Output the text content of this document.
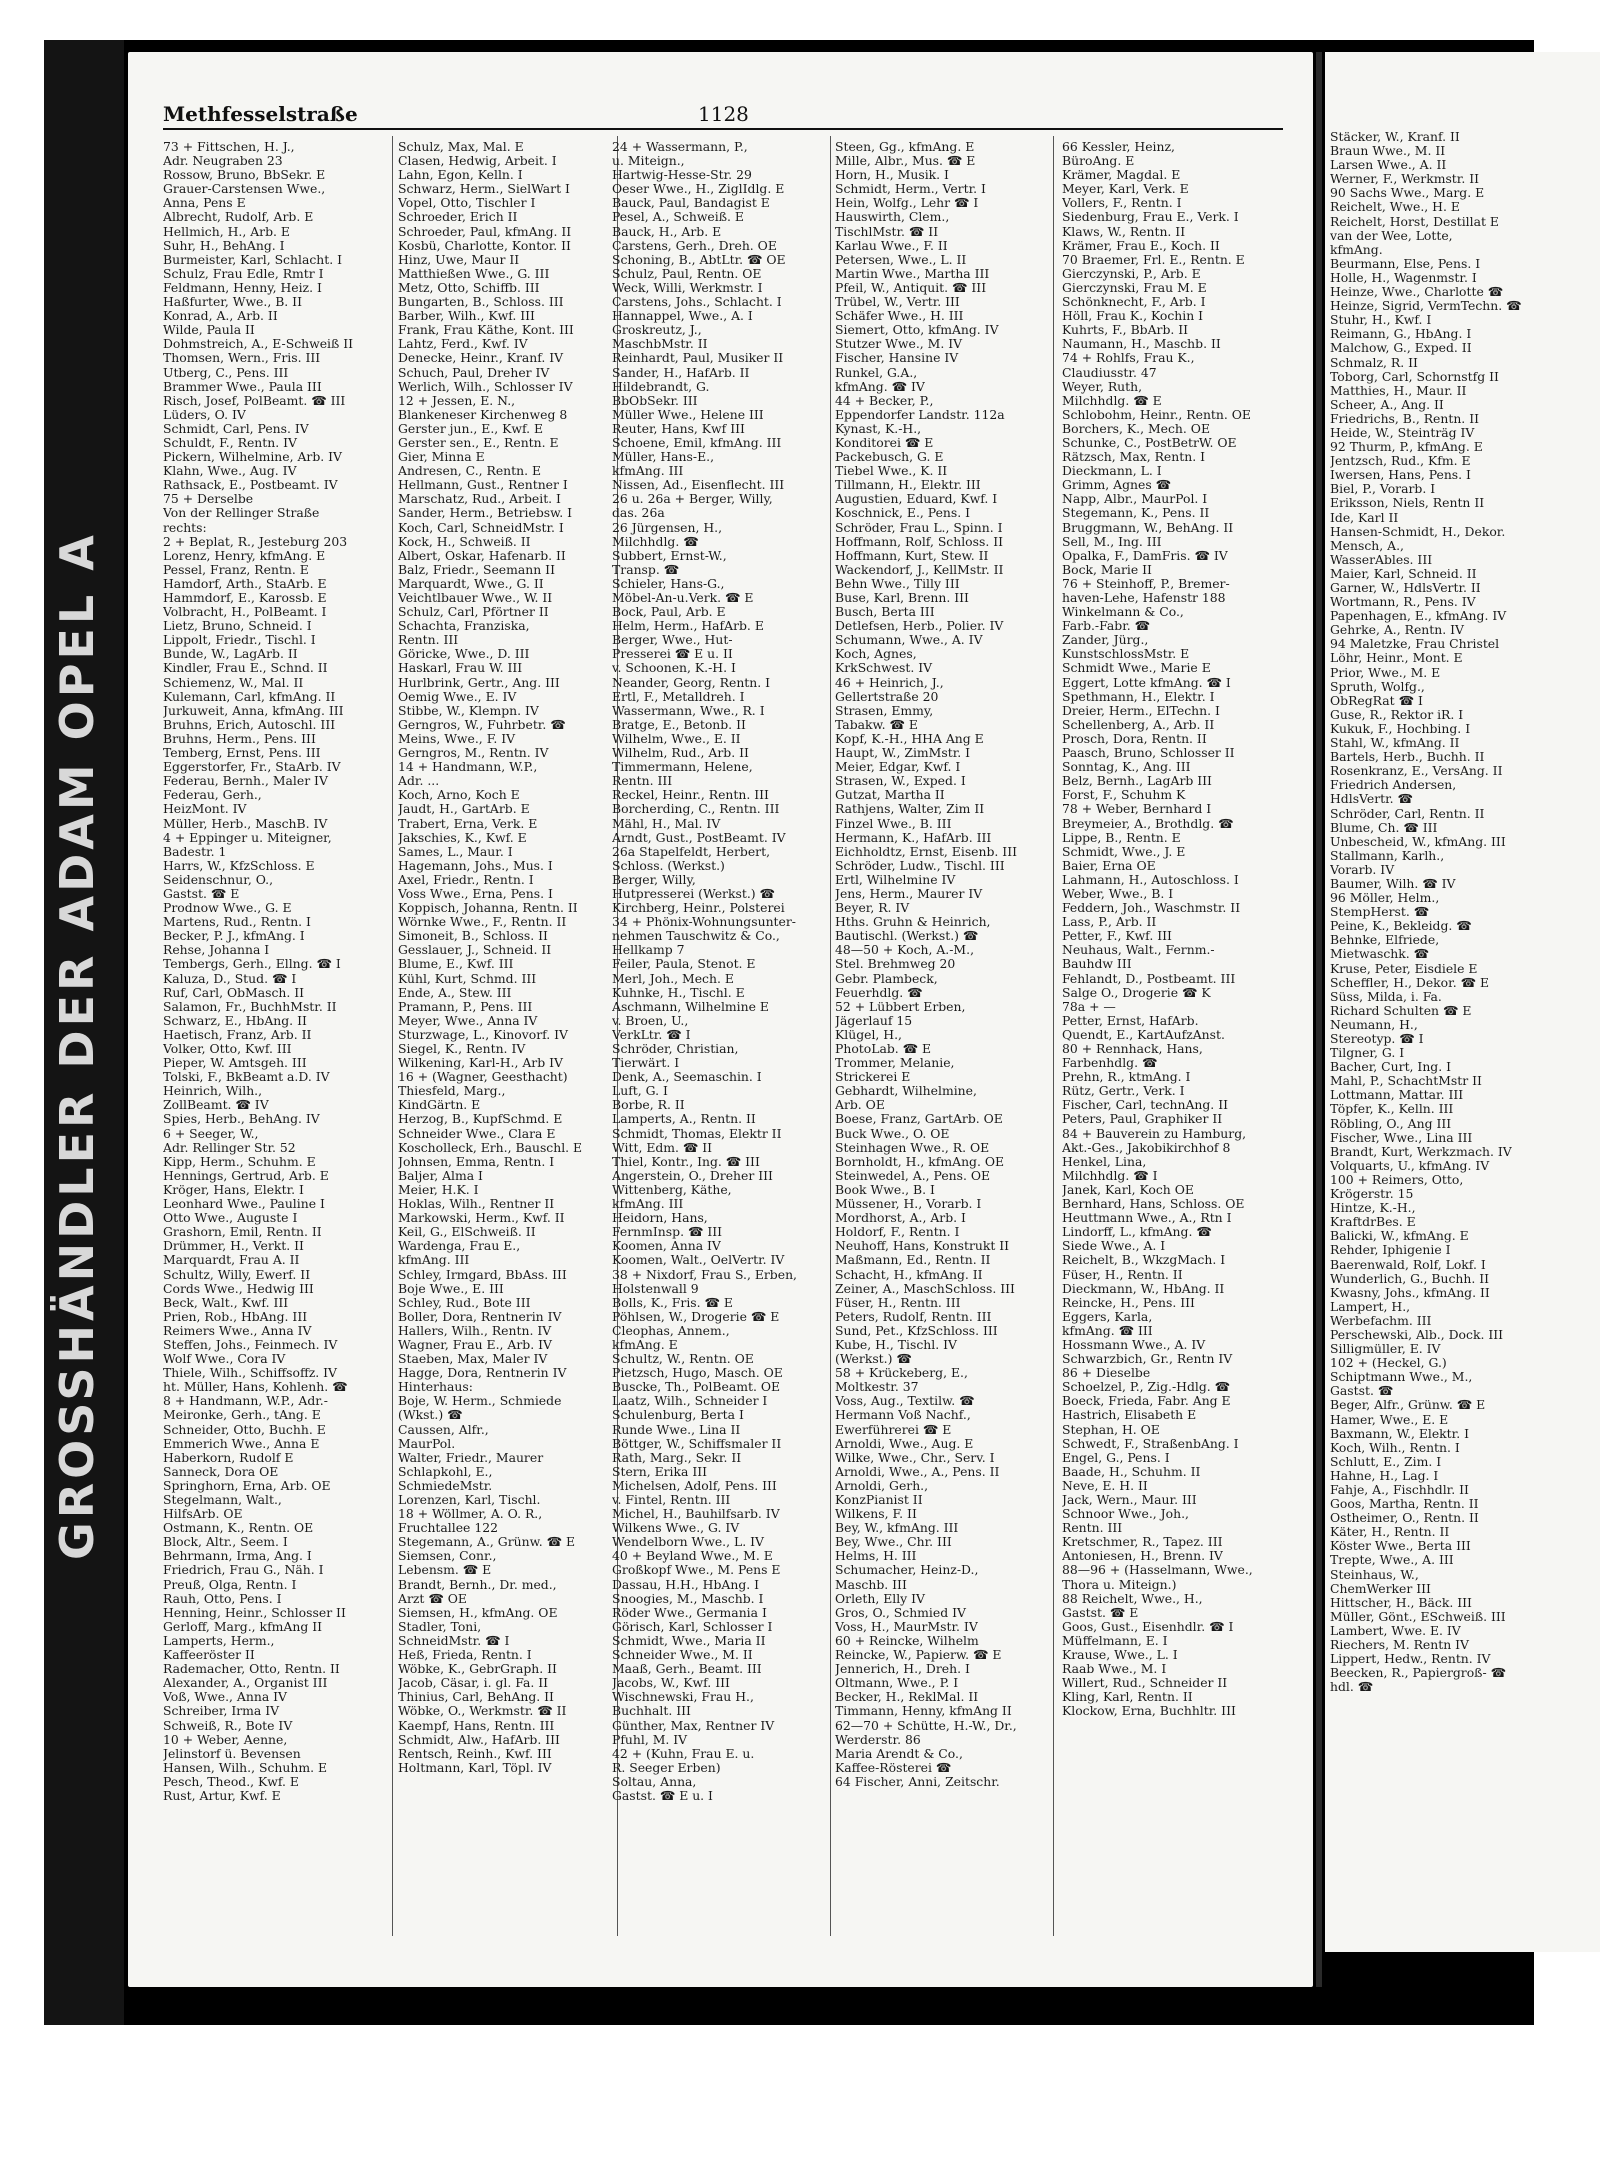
GROSSHÄNDLER DER ADAM OPEL A
Methfesselstraße	1128
73 + Fittschen, H. J.,
Adr. Neugraben 23
Rossow, Bruno, BbSekr. E
Grauer-Carstensen Wwe.,
Anna, Pens E
Albrecht, Rudolf, Arb. E
Hellmich, H., Arb. E
Suhr, H., BehAng. I
Burmeister, Karl, Schlacht. I
Schulz, Frau Edle, Rmtr I
Feldmann, Henny, Heiz. I
Haßfurter, Wwe., B. II
Konrad, A., Arb. II
Wilde, Paula II
Dohmstreich, A., E-Schweiß II
Thomsen, Wern., Fris. III
Utberg, C., Pens. III
Brammer Wwe., Paula III
Risch, Josef, PolBeamt. ☎ III
Lüders, O. IV
Schmidt, Carl, Pens. IV
Schuldt, F., Rentn. IV
Pickern, Wilhelmine, Arb. IV
Klahn, Wwe., Aug. IV
Rathsack, E., Postbeamt. IV
75 + Derselbe
Von der Rellinger Straße
rechts:
2 + Beplat, R., Jesteburg 203
Lorenz, Henry, kfmAng. E
Pessel, Franz, Rentn. E
Hamdorf, Arth., StaArb. E
Hammdorf, E., Karossb. E
Volbracht, H., PolBeamt. I
Lietz, Bruno, Schneid. I
Lippolt, Friedr., Tischl. I
Bunde, W., LagArb. II
Kindler, Frau E., Schnd. II
Schiemenz, W., Mal. II
Kulemann, Carl, kfmAng. II
Jurkuweit, Anna, kfmAng. III
Bruhns, Erich, Autoschl. III
Bruhns, Herm., Pens. III
Temberg, Ernst, Pens. III
Eggerstorfer, Fr., StaArb. IV
Federau, Bernh., Maler IV
Federau, Gerh.,
HeizMont. IV
Müller, Herb., MaschB. IV
4 + Eppinger u. Miteigner,
Badestr. 1
Harrs, W., KfzSchloss. E
Seidenschnur, O.,
Gastst. ☎ E
Prodnow Wwe., G. E
Martens, Rud., Rentn. I
Becker, P. J., kfmAng. I
Rehse, Johanna I
Tembergs, Gerh., Ellng. ☎ I
Kaluza, D., Stud. ☎ I
Ruf, Carl, ObMasch. II
Salamon, Fr., BuchhMstr. II
Schwarz, E., HbAng. II
Haetisch, Franz, Arb. II
Volker, Otto, Kwf. III
Pieper, W. Amtsgeh. III
Tolski, F., BkBeamt a.D. IV
Heinrich, Wilh.,
ZollBeamt. ☎ IV
Spies, Herb., BehAng. IV
6 + Seeger, W.,
Adr. Rellinger Str. 52
Kipp, Herm., Schuhm. E
Hennings, Gertrud, Arb. E
Kröger, Hans, Elektr. I
Leonhard Wwe., Pauline I
Otto Wwe., Auguste I
Grashorn, Emil, Rentn. II
Drümmer, H., Verkt. II
Marquardt, Frau A. II
Schultz, Willy, Ewerf. II
Cords Wwe., Hedwig III
Beck, Walt., Kwf. III
Prien, Rob., HbAng. III
Reimers Wwe., Anna IV
Steffen, Johs., Feinmech. IV
Wolf Wwe., Cora IV
Thiele, Wilh., Schiffsoffz. IV
ht. Müller, Hans, Kohlenh. ☎
8 + Handmann, W.P., Adr.-
Meironke, Gerh., tAng. E
Schneider, Otto, Buchh. E
Emmerich Wwe., Anna E
Haberkorn, Rudolf E
Sanneck, Dora OE
Springhorn, Erna, Arb. OE
Stegelmann, Walt.,
HilfsArb. OE
Ostmann, K., Rentn. OE
Block, Altr., Seem. I
Behrmann, Irma, Ang. I
Friedrich, Frau G., Näh. I
Preuß, Olga, Rentn. I
Rauh, Otto, Pens. I
Henning, Heinr., Schlosser II
Gerloff, Marg., kfmAng II
Lamperts, Herm.,
Kaffeeröster II
Rademacher, Otto, Rentn. II
Alexander, A., Organist III
Voß, Wwe., Anna IV
Schreiber, Irma IV
Schweiß, R., Bote IV
10 + Weber, Aenne,
Jelinstorf ü. Bevensen
Hansen, Wilh., Schuhm. E
Pesch, Theod., Kwf. E
Rust, Artur, Kwf. E
Schulz, Max, Mal. E
Clasen, Hedwig, Arbeit. I
Lahn, Egon, Kelln. I
Schwarz, Herm., SielWart I
Vopel, Otto, Tischler I
Schroeder, Erich II
Schroeder, Paul, kfmAng. II
Kosbü, Charlotte, Kontor. II
Hinz, Uwe, Maur II
Matthießen Wwe., G. III
Metz, Otto, Schiffb. III
Bungarten, B., Schloss. III
Barber, Wilh., Kwf. III
Frank, Frau Käthe, Kont. III
Lahtz, Ferd., Kwf. IV
Denecke, Heinr., Kranf. IV
Schuch, Paul, Dreher IV
Werlich, Wilh., Schlosser IV
12 + Jessen, E. N.,
Blankeneser Kirchenweg 8
Gerster jun., E., Kwf. E
Gerster sen., E., Rentn. E
Gier, Minna E
Andresen, C., Rentn. E
Hellmann, Gust., Rentner I
Marschatz, Rud., Arbeit. I
Sander, Herm., Betriebsw. I
Koch, Carl, SchneidMstr. I
Kock, H., Schweiß. II
Albert, Oskar, Hafenarb. II
Balz, Friedr., Seemann II
Marquardt, Wwe., G. II
Veichtlbauer Wwe., W. II
Schulz, Carl, Pförtner II
Schachta, Franziska,
Rentn. III
Göricke, Wwe., D. III
Haskarl, Frau W. III
Hurlbrink, Gertr., Ang. III
Oemig Wwe., E. IV
Stibbe, W., Klempn. IV
Gerngros, W., Fuhrbetr. ☎
Meins, Wwe., F. IV
Gerngros, M., Rentn. IV
14 + Handmann, W.P.,
Adr. ...
Koch, Arno, Koch E
Jaudt, H., GartArb. E
Trabert, Erna, Verk. E
Jakschies, K., Kwf. E
Sames, L., Maur. I
Hagemann, Johs., Mus. I
Axel, Friedr., Rentn. I
Voss Wwe., Erna, Pens. I
Koppisch, Johanna, Rentn. II
Wörnke Wwe., F., Rentn. II
Simoneit, B., Schloss. II
Gesslauer, J., Schneid. II
Blume, E., Kwf. III
Kühl, Kurt, Schmd. III
Ende, A., Stew. III
Pramann, P., Pens. III
Meyer, Wwe., Anna IV
Sturzwage, L., Kinovorf. IV
Siegel, K., Rentn. IV
Wilkening, Karl-H., Arb IV
16 + (Wagner, Geesthacht)
Thiesfeld, Marg.,
KindGärtn. E
Herzog, B., KupfSchmd. E
Schneider Wwe., Clara E
Koscholleck, Erh., Bauschl. E
Johnsen, Emma, Rentn. I
Baljer, Alma I
Meier, H.K. I
Hoklas, Wilh., Rentner II
Markowski, Herm., Kwf. II
Keil, G., ElSchweiß. II
Wardenga, Frau E.,
kfmAng. III
Schley, Irmgard, BbAss. III
Boje Wwe., E. III
Schley, Rud., Bote III
Boller, Dora, Rentnerin IV
Hallers, Wilh., Rentn. IV
Wagner, Frau E., Arb. IV
Staeben, Max, Maler IV
Hagge, Dora, Rentnerin IV
Hinterhaus:
Boje, W. Herm., Schmiede
(Wkst.) ☎
Caussen, Alfr.,
MaurPol.
Walter, Friedr., Maurer
Schlapkohl, E.,
SchmiedeMstr.
Lorenzen, Karl, Tischl.
18 + Wöllmer, A. O. R.,
Fruchtallee 122
Stegemann, A., Grünw. ☎ E
Siemsen, Conr.,
Lebensm. ☎ E
Brandt, Bernh., Dr. med.,
Arzt ☎ OE
Siemsen, H., kfmAng. OE
Stadler, Toni,
SchneidMstr. ☎ I
Heß, Frieda, Rentn. I
Wöbke, K., GebrGraph. II
Jacob, Cäsar, i. gl. Fa. II
Thinius, Carl, BehAng. II
Wöbke, O., Werkmstr. ☎ II
Kaempf, Hans, Rentn. III
Schmidt, Alw., HafArb. III
Rentsch, Reinh., Kwf. III
Holtmann, Karl, Töpl. IV
24 + Wassermann, P.,
u. Miteign.,
Hartwig-Hesse-Str. 29
Oeser Wwe., H., ZiglIdlg. E
Bauck, Paul, Bandagist E
Pesel, A., Schweiß. E
Bauck, H., Arb. E
Carstens, Gerh., Dreh. OE
Schoning, B., AbtLtr. ☎ OE
Schulz, Paul, Rentn. OE
Weck, Willi, Werkmstr. I
Carstens, Johs., Schlacht. I
Hannappel, Wwe., A. I
Groskreutz, J.,
MaschbMstr. II
Reinhardt, Paul, Musiker II
Sander, H., HafArb. II
Hildebrandt, G.
BbObSekr. III
Müller Wwe., Helene III
Reuter, Hans, Kwf III
Schoene, Emil, kfmAng. III
Müller, Hans-E.,
kfmAng. III
Nissen, Ad., Eisenflecht. III
26 u. 26a + Berger, Willy,
das. 26a
26 Jürgensen, H.,
Milchhdlg. ☎
Subbert, Ernst-W.,
Transp. ☎
Schieler, Hans-G.,
Möbel-An-u.Verk. ☎ E
Bock, Paul, Arb. E
Helm, Herm., HafArb. E
Berger, Wwe., Hut-
Presserei ☎ E u. II
v. Schoonen, K.-H. I
Neander, Georg, Rentn. I
Ertl, F., Metalldreh. I
Wassermann, Wwe., R. I
Bratge, E., Betonb. II
Wilhelm, Wwe., E. II
Wilhelm, Rud., Arb. II
Timmermann, Helene,
Rentn. III
Reckel, Heinr., Rentn. III
Borcherding, C., Rentn. III
Mähl, H., Mal. IV
Arndt, Gust., PostBeamt. IV
26a Stapelfeldt, Herbert,
Schloss. (Werkst.)
Berger, Willy,
Hutpresserei (Werkst.) ☎
Kirchberg, Heinr., Polsterei
34 + Phönix-Wohnungsunter-
nehmen Tauschwitz & Co.,
Hellkamp 7
Feiler, Paula, Stenot. E
Merl, Joh., Mech. E
Kuhnke, H., Tischl. E
Aschmann, Wilhelmine E
v. Broen, U.,
VerkLtr. ☎ I
Schröder, Christian,
Tierwärt. I
Denk, A., Seemaschin. I
Luft, G. I
Borbe, R. II
Lamperts, A., Rentn. II
Schmidt, Thomas, Elektr II
Witt, Edm. ☎ II
Thiel, Kontr., Ing. ☎ III
Angerstein, O., Dreher III
Wittenberg, Käthe,
kfmAng. III
Heidorn, Hans,
FernmInsp. ☎ III
Koomen, Anna IV
Koomen, Walt., OelVertr. IV
38 + Nixdorf, Frau S., Erben,
Holstenwall 9
Bolls, K., Fris. ☎ E
Pöhlsen, W., Drogerie ☎ E
Cleophas, Annem.,
kfmAng. E
Schultz, W., Rentn. OE
Pietzsch, Hugo, Masch. OE
Buscke, Th., PolBeamt. OE
Laatz, Wilh., Schneider I
Schulenburg, Berta I
Runde Wwe., Lina II
Böttger, W., Schiffsmaler II
Rath, Marg., Sekr. II
Stern, Erika III
Michelsen, Adolf, Pens. III
v. Fintel, Rentn. III
Michel, H., Bauhilfsarb. IV
Wilkens Wwe., G. IV
Wendelborn Wwe., L. IV
40 + Beyland Wwe., M. E
Großkopf Wwe., M. Pens E
Dassau, H.H., HbAng. I
Snoogies, M., Maschb. I
Röder Wwe., Germania I
Görisch, Karl, Schlosser I
Schmidt, Wwe., Maria II
Schneider Wwe., M. II
Maaß, Gerh., Beamt. III
Jacobs, W., Kwf. III
Wischnewski, Frau H.,
Buchhalt. III
Günther, Max, Rentner IV
Pfuhl, M. IV
42 + (Kuhn, Frau E. u.
R. Seeger Erben)
Soltau, Anna,
Gastst. ☎ E u. I
Steen, Gg., kfmAng. E
Mille, Albr., Mus. ☎ E
Horn, H., Musik. I
Schmidt, Herm., Vertr. I
Hein, Wolfg., Lehr ☎ I
Hauswirth, Clem.,
TischlMstr. ☎ II
Karlau Wwe., F. II
Petersen, Wwe., L. II
Martin Wwe., Martha III
Pfeil, W., Antiquit. ☎ III
Trübel, W., Vertr. III
Schäfer Wwe., H. III
Siemert, Otto, kfmAng. IV
Stutzer Wwe., M. IV
Fischer, Hansine IV
Runkel, G.A.,
kfmAng. ☎ IV
44 + Becker, P.,
Eppendorfer Landstr. 112a
Kynast, K.-H.,
Konditorei ☎ E
Packebusch, G. E
Tiebel Wwe., K. II
Tillmann, H., Elektr. III
Augustien, Eduard, Kwf. I
Koschnick, E., Pens. I
Schröder, Frau L., Spinn. I
Hoffmann, Rolf, Schloss. II
Hoffmann, Kurt, Stew. II
Wackendorf, J., KellMstr. II
Behn Wwe., Tilly III
Buse, Karl, Brenn. III
Busch, Berta III
Detlefsen, Herb., Polier. IV
Schumann, Wwe., A. IV
Koch, Agnes,
KrkSchwest. IV
46 + Heinrich, J.,
Gellertstraße 20
Strasen, Emmy,
Tabakw. ☎ E
Kopf, K.-H., HHA Ang E
Haupt, W., ZimMstr. I
Meier, Edgar, Kwf. I
Strasen, W., Exped. I
Gutzat, Martha II
Rathjens, Walter, Zim II
Finzel Wwe., B. III
Hermann, K., HafArb. III
Eichholdtz, Ernst, Eisenb. III
Schröder, Ludw., Tischl. III
Ertl, Wilhelmine IV
Jens, Herm., Maurer IV
Beyer, R. IV
Hths. Gruhn & Heinrich,
Bautischl. (Werkst.) ☎
48—50 + Koch, A.-M.,
Stel. Brehmweg 20
Gebr. Plambeck,
Feuerhdlg. ☎
52 + Lübbert Erben,
Jägerlauf 15
Klügel, H.,
PhotoLab. ☎ E
Trommer, Melanie,
Strickerei E
Gebhardt, Wilhelmine,
Arb. OE
Boese, Franz, GartArb. OE
Buck Wwe., O. OE
Steinhagen Wwe., R. OE
Bornholdt, H., kfmAng. OE
Steinwedel, A., Pens. OE
Book Wwe., B. I
Müssener, H., Vorarb. I
Mordhorst, A., Arb. I
Holdorf, F., Rentn. I
Neuhoff, Hans, Konstrukt II
Maßmann, Ed., Rentn. II
Schacht, H., kfmAng. II
Zeiner, A., MaschSchloss. III
Füser, H., Rentn. III
Peters, Rudolf, Rentn. III
Sund, Pet., KfzSchloss. III
Kube, H., Tischl. IV
(Werkst.) ☎
58 + Krückeberg, E.,
Moltkestr. 37
Voss, Aug., Textilw. ☎
Hermann Voß Nachf.,
Ewerführerei ☎ E
Arnoldi, Wwe., Aug. E
Wilke, Wwe., Chr., Serv. I
Arnoldi, Wwe., A., Pens. II
Arnoldi, Gerh.,
KonzPianist II
Wilkens, F. II
Bey, W., kfmAng. III
Bey, Wwe., Chr. III
Helms, H. III
Schumacher, Heinz-D.,
Maschb. III
Orleth, Elly IV
Gros, O., Schmied IV
Voss, H., MaurMstr. IV
60 + Reincke, Wilhelm
Reincke, W., Papierw. ☎ E
Jennerich, H., Dreh. I
Oltmann, Wwe., P. I
Becker, H., ReklMal. II
Timmann, Henny, kfmAng II
62—70 + Schütte, H.-W., Dr.,
Werderstr. 86
Maria Arendt & Co.,
Kaffee-Rösterei ☎
64 Fischer, Anni, Zeitschr.
66 Kessler, Heinz,
BüroAng. E
Krämer, Magdal. E
Meyer, Karl, Verk. E
Vollers, F., Rentn. I
Siedenburg, Frau E., Verk. I
Klaws, W., Rentn. II
Krämer, Frau E., Koch. II
70 Braemer, Frl. E., Rentn. E
Gierczynski, P., Arb. E
Gierczynski, Frau M. E
Schönknecht, F., Arb. I
Höll, Frau K., Kochin I
Kuhrts, F., BbArb. II
Naumann, H., Maschb. II
74 + Rohlfs, Frau K.,
Claudiusstr. 47
Weyer, Ruth,
Milchhdlg. ☎ E
Schlobohm, Heinr., Rentn. OE
Borchers, K., Mech. OE
Schunke, C., PostBetrW. OE
Rätzsch, Max, Rentn. I
Dieckmann, L. I
Grimm, Agnes ☎
Napp, Albr., MaurPol. I
Stegemann, K., Pens. II
Bruggmann, W., BehAng. II
Sell, M., Ing. III
Opalka, F., DamFris. ☎ IV
Bock, Marie II
76 + Steinhoff, P., Bremer-
haven-Lehe, Hafenstr 188
Winkelmann & Co.,
Farb.-Fabr. ☎
Zander, Jürg.,
KunstschlossMstr. E
Schmidt Wwe., Marie E
Eggert, Lotte kfmAng. ☎ I
Spethmann, H., Elektr. I
Dreier, Herm., ElTechn. I
Schellenberg, A., Arb. II
Prosch, Dora, Rentn. II
Paasch, Bruno, Schlosser II
Sonntag, K., Ang. III
Belz, Bernh., LagArb III
Forst, F., Schuhm K
78 + Weber, Bernhard I
Breymeier, A., Brothdlg. ☎
Lippe, B., Rentn. E
Schmidt, Wwe., J. E
Baier, Erna OE
Lahmann, H., Autoschloss. I
Weber, Wwe., B. I
Feddern, Joh., Waschmstr. II
Lass, P., Arb. II
Petter, F., Kwf. III
Neuhaus, Walt., Fernm.-
Bauhdw III
Fehlandt, D., Postbeamt. III
Salge O., Drogerie ☎ K
78a + —
Petter, Ernst, HafArb.
Quendt, E., KartAufzAnst.
80 + Rennhack, Hans,
Farbenhdlg. ☎
Prehn, R., ktmAng. I
Rütz, Gertr., Verk. I
Fischer, Carl, technAng. II
Peters, Paul, Graphiker II
84 + Bauverein zu Hamburg,
Akt.-Ges., Jakobikirchhof 8
Henkel, Lina,
Milchhdlg. ☎ I
Janek, Karl, Koch OE
Bernhard, Hans, Schloss. OE
Heuttmann Wwe., A., Rtn I
Lindorff, L., kfmAng. ☎
Siede Wwe., A. I
Reichelt, B., WkzgMach. I
Füser, H., Rentn. II
Dieckmann, W., HbAng. II
Reincke, H., Pens. III
Eggers, Karla,
kfmAng. ☎ III
Hossmann Wwe., A. IV
Schwarzbich, Gr., Rentn IV
86 + Dieselbe
Schoelzel, P., Zig.-Hdlg. ☎
Boeck, Frieda, Fabr. Ang E
Hastrich, Elisabeth E
Stephan, H. OE
Schwedt, F., StraßenbAng. I
Engel, G., Pens. I
Baade, H., Schuhm. II
Neve, E. H. II
Jack, Wern., Maur. III
Schnoor Wwe., Joh.,
Rentn. III
Kretschmer, R., Tapez. III
Antoniesen, H., Brenn. IV
88—96 + (Hasselmann, Wwe.,
Thora u. Miteign.)
88 Reichelt, Wwe., H.,
Gastst. ☎ E
Goos, Gust., Eisenhdlr. ☎ I
Müffelmann, E. I
Krause, Wwe., L. I
Raab Wwe., M. I
Willert, Rud., Schneider II
Kling, Karl, Rentn. II
Klockow, Erna, Buchhltr. III
Stäcker, W., Kranf. II
Braun Wwe., M. II
Larsen Wwe., A. II
Werner, F., Werkmstr. II
90 Sachs Wwe., Marg. E
Reichelt, Wwe., H. E
Reichelt, Horst, Destillat E
van der Wee, Lotte,
kfmAng.
Beurmann, Else, Pens. I
Holle, H., Wagenmstr. I
Heinze, Wwe., Charlotte ☎
Heinze, Sigrid, VermTechn. ☎
Stuhr, H., Kwf. I
Reimann, G., HbAng. I
Malchow, G., Exped. II
Schmalz, R. II
Toborg, Carl, Schornstfg II
Matthies, H., Maur. II
Scheer, A., Ang. II
Friedrichs, B., Rentn. II
Heide, W., Steinträg IV
92 Thurm, P., kfmAng. E
Jentzsch, Rud., Kfm. E
Iwersen, Hans, Pens. I
Biel, P., Vorarb. I
Eriksson, Niels, Rentn II
Ide, Karl II
Hansen-Schmidt, H., Dekor.
Mensch, A.,
WasserAbles. III
Maier, Karl, Schneid. II
Garner, W., HdlsVertr. II
Wortmann, R., Pens. IV
Papenhagen, E., kfmAng. IV
Gehrke, A., Rentn. IV
94 Maletzke, Frau Christel
Löhr, Heinr., Mont. E
Prior, Wwe., M. E
Spruth, Wolfg.,
ObRegRat ☎ I
Guse, R., Rektor iR. I
Kukuk, F., Hochbing. I
Stahl, W., kfmAng. II
Bartels, Herb., Buchh. II
Rosenkranz, E., VersAng. II
Friedrich Andersen,
HdlsVertr. ☎
Schröder, Carl, Rentn. II
Blume, Ch. ☎ III
Unbescheid, W., kfmAng. III
Stallmann, Karlh.,
Vorarb. IV
Baumer, Wilh. ☎ IV
96 Möller, Helm.,
StempHerst. ☎
Peine, K., Bekleidg. ☎
Behnke, Elfriede,
Mietwaschk. ☎
Kruse, Peter, Eisdiele E
Scheffler, H., Dekor. ☎ E
Süss, Milda, i. Fa.
Richard Schulten ☎ E
Neumann, H.,
Stereotyp. ☎ I
Tilgner, G. I
Bacher, Curt, Ing. I
Mahl, P., SchachtMstr II
Lottmann, Mattar. III
Töpfer, K., Kelln. III
Röbling, O., Ang III
Fischer, Wwe., Lina III
Brandt, Kurt, Werkzmach. IV
Volquarts, U., kfmAng. IV
100 + Reimers, Otto,
Krögerstr. 15
Hintze, K.-H.,
KraftdrBes. E
Balicki, W., kfmAng. E
Rehder, Iphigenie I
Baerenwald, Rolf, Lokf. I
Wunderlich, G., Buchh. II
Kwasny, Johs., kfmAng. II
Lampert, H.,
Werbefachm. III
Perschewski, Alb., Dock. III
Silligmüller, E. IV
102 + (Heckel, G.)
Schiptmann Wwe., M.,
Gastst. ☎
Beger, Alfr., Grünw. ☎ E
Hamer, Wwe., E. E
Baxmann, W., Elektr. I
Koch, Wilh., Rentn. I
Schlutt, E., Zim. I
Hahne, H., Lag. I
Fahje, A., Fischhdlr. II
Goos, Martha, Rentn. II
Ostheimer, O., Rentn. II
Käter, H., Rentn. II
Köster Wwe., Berta III
Trepte, Wwe., A. III
Steinhaus, W.,
ChemWerker III
Hittscher, H., Bäck. III
Müller, Gönt., ESchweiß. III
Lambert, Wwe. E. IV
Riechers, M. Rentn IV
Lippert, Hedw., Rentn. IV
Beecken, R., Papiergroß- ☎
hdl. ☎
